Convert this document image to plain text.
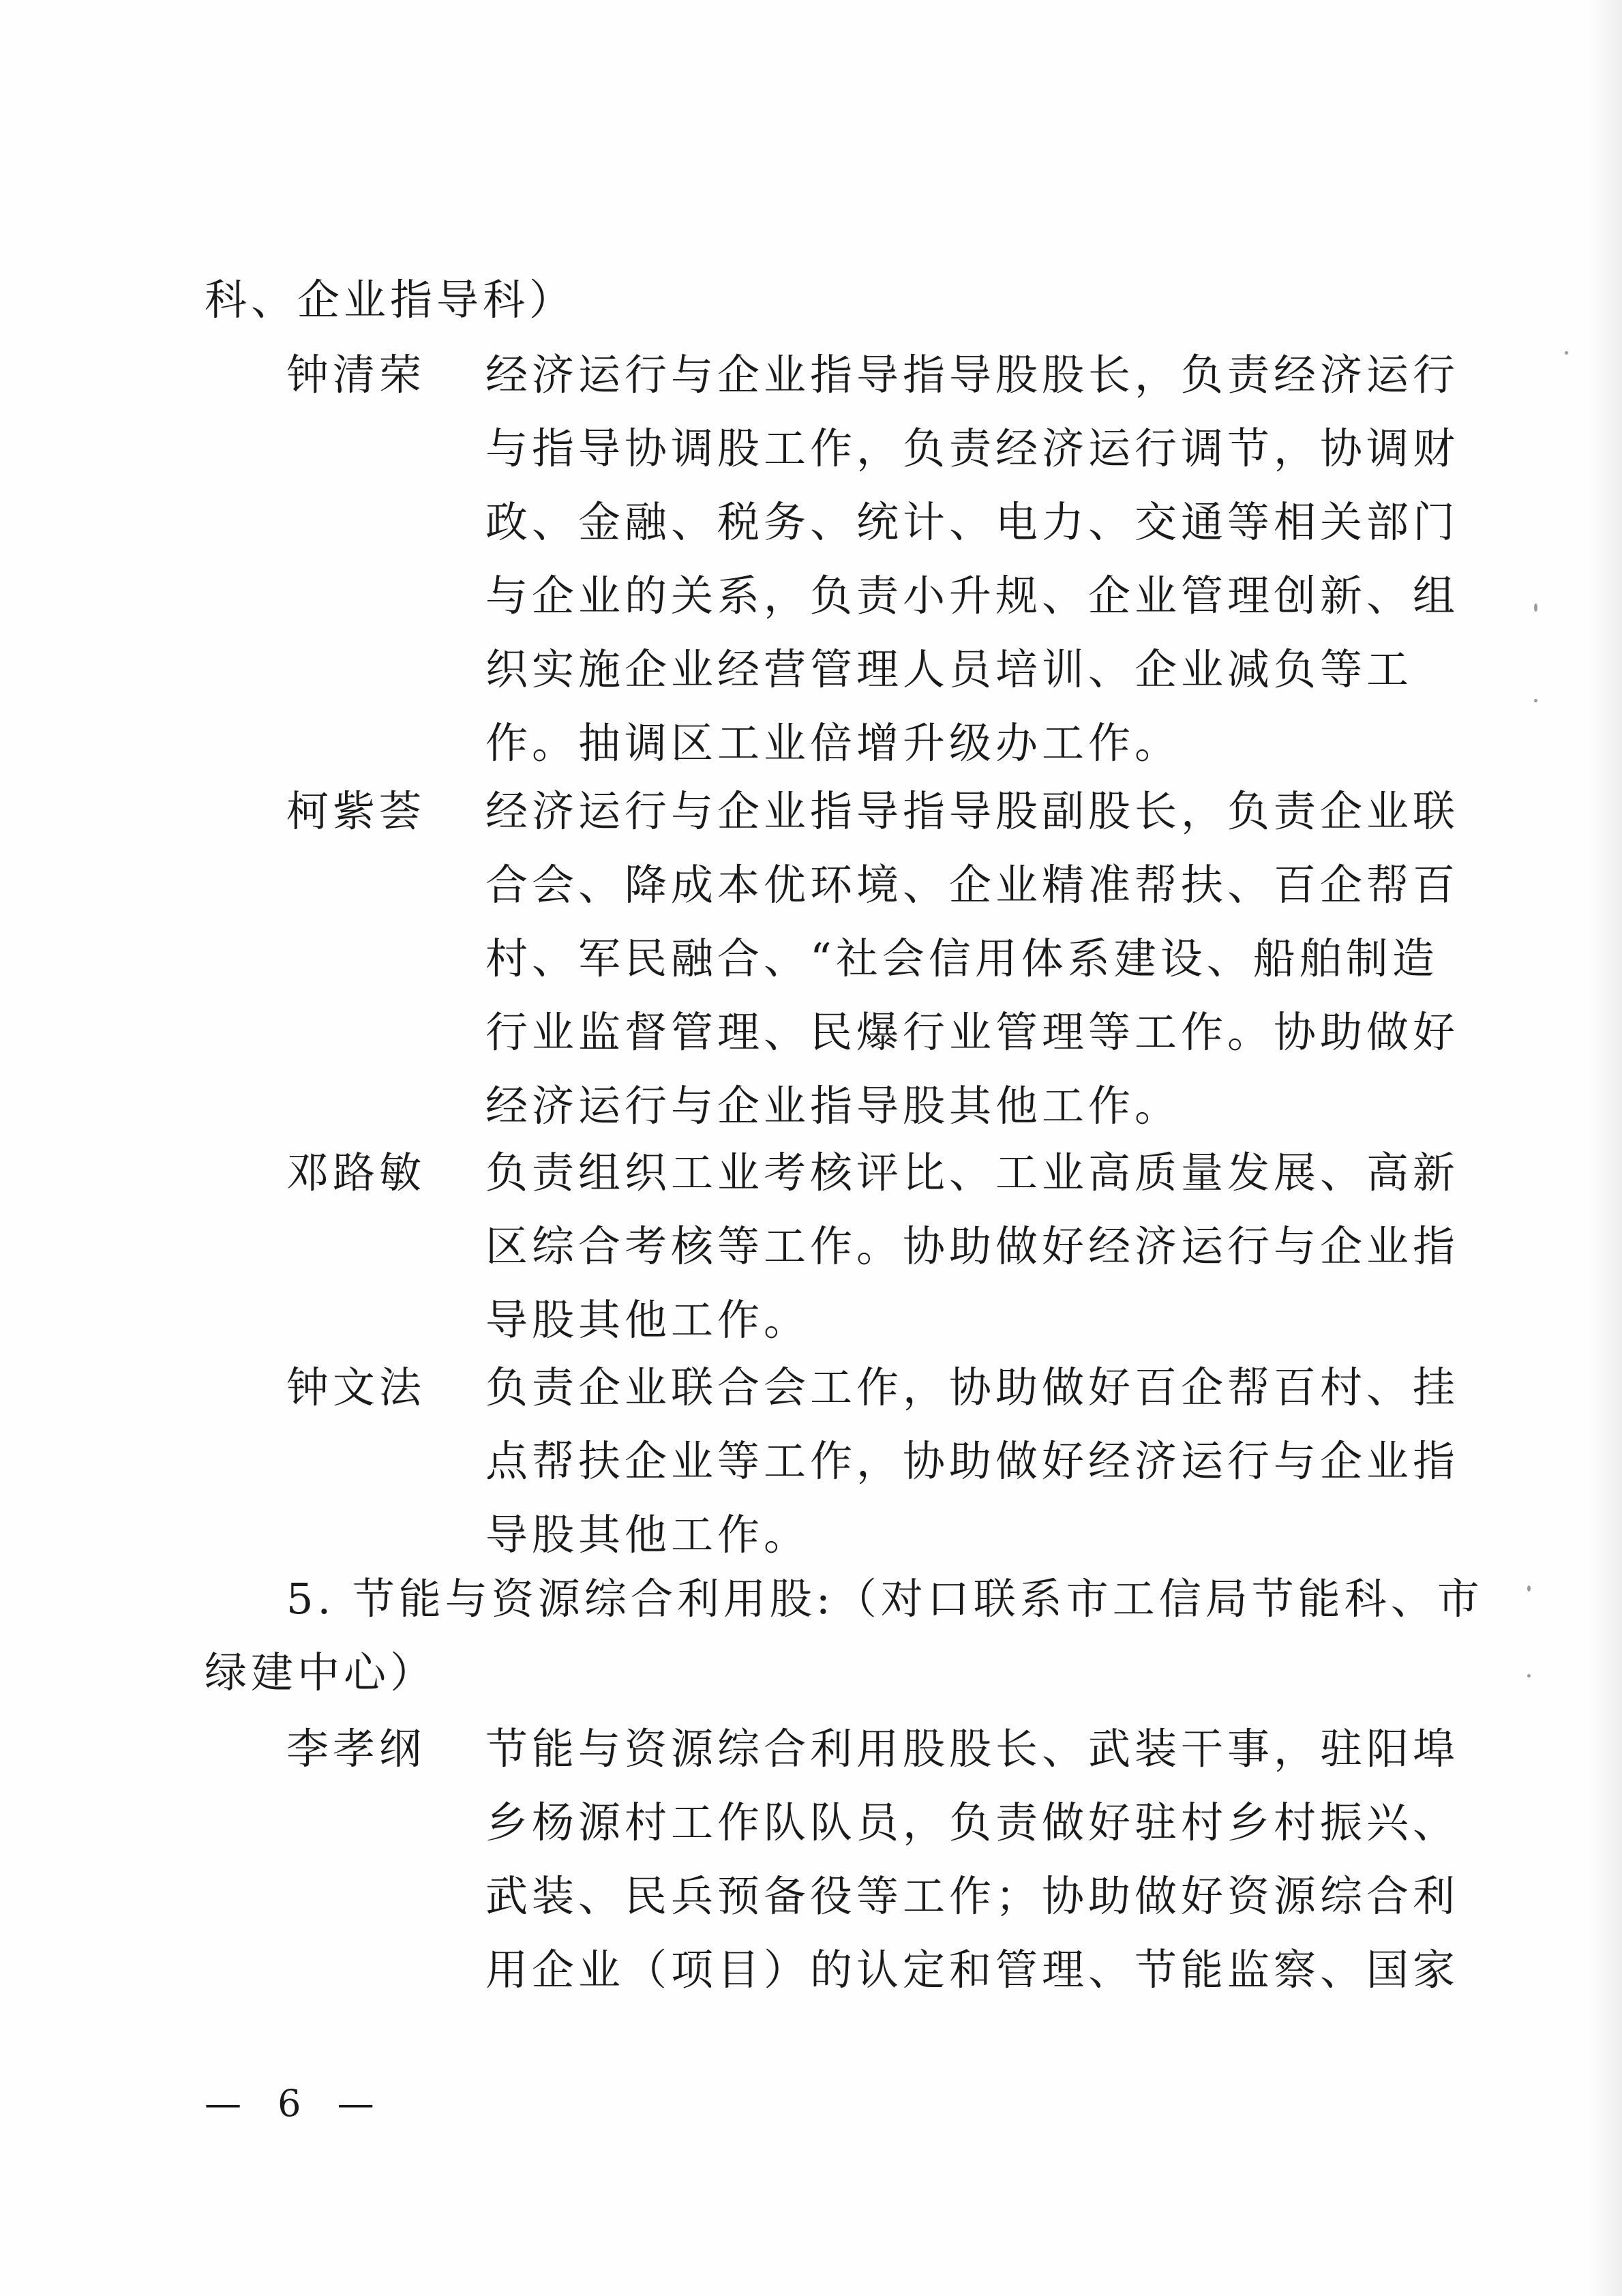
科、企业指导科）
钟清荣 经济运行与企业指导指导股股长，负责经济运行
与指导协调股工作，负责经济运行调节，协调财
政、金融、税务、统计、电力、交通等相关部门
与企业的关系，负责小升规、企业管理创新、组
织实施企业经营管理人员培训、企业减负等工
作。抽调区工业倍增升级办工作。
柯紫荟 经济运行与企业指导指导股副股长，负责企业联
合会、降成本优环境、企业精准帮扶、百企帮百
村、军民融合、“社会信用体系建设、船舶制造
行业监督管理、民爆行业管理等工作。协助做好
经济运行与企业指导股其他工作。
邓路敏 负责组织工业考核评比、工业高质量发展、高新
区综合考核等工作。协助做好经济运行与企业指
导股其他工作。
钟文法 负责企业联合会工作，协助做好百企帮百村、挂
点帮扶企业等工作，协助做好经济运行与企业指
导股其他工作。
5. 节能与资源综合利用股:（对口联系市工信局节能科、市
绿建中心）
李孝纲 节能与资源综合利用股股长、武装干事，驻阳埠
乡杨源村工作队队员，负责做好驻村乡村振兴、
武装、民兵预备役等工作；协助做好资源综合利
用企业（项目）的认定和管理、节能监察、国家
— 6 —
